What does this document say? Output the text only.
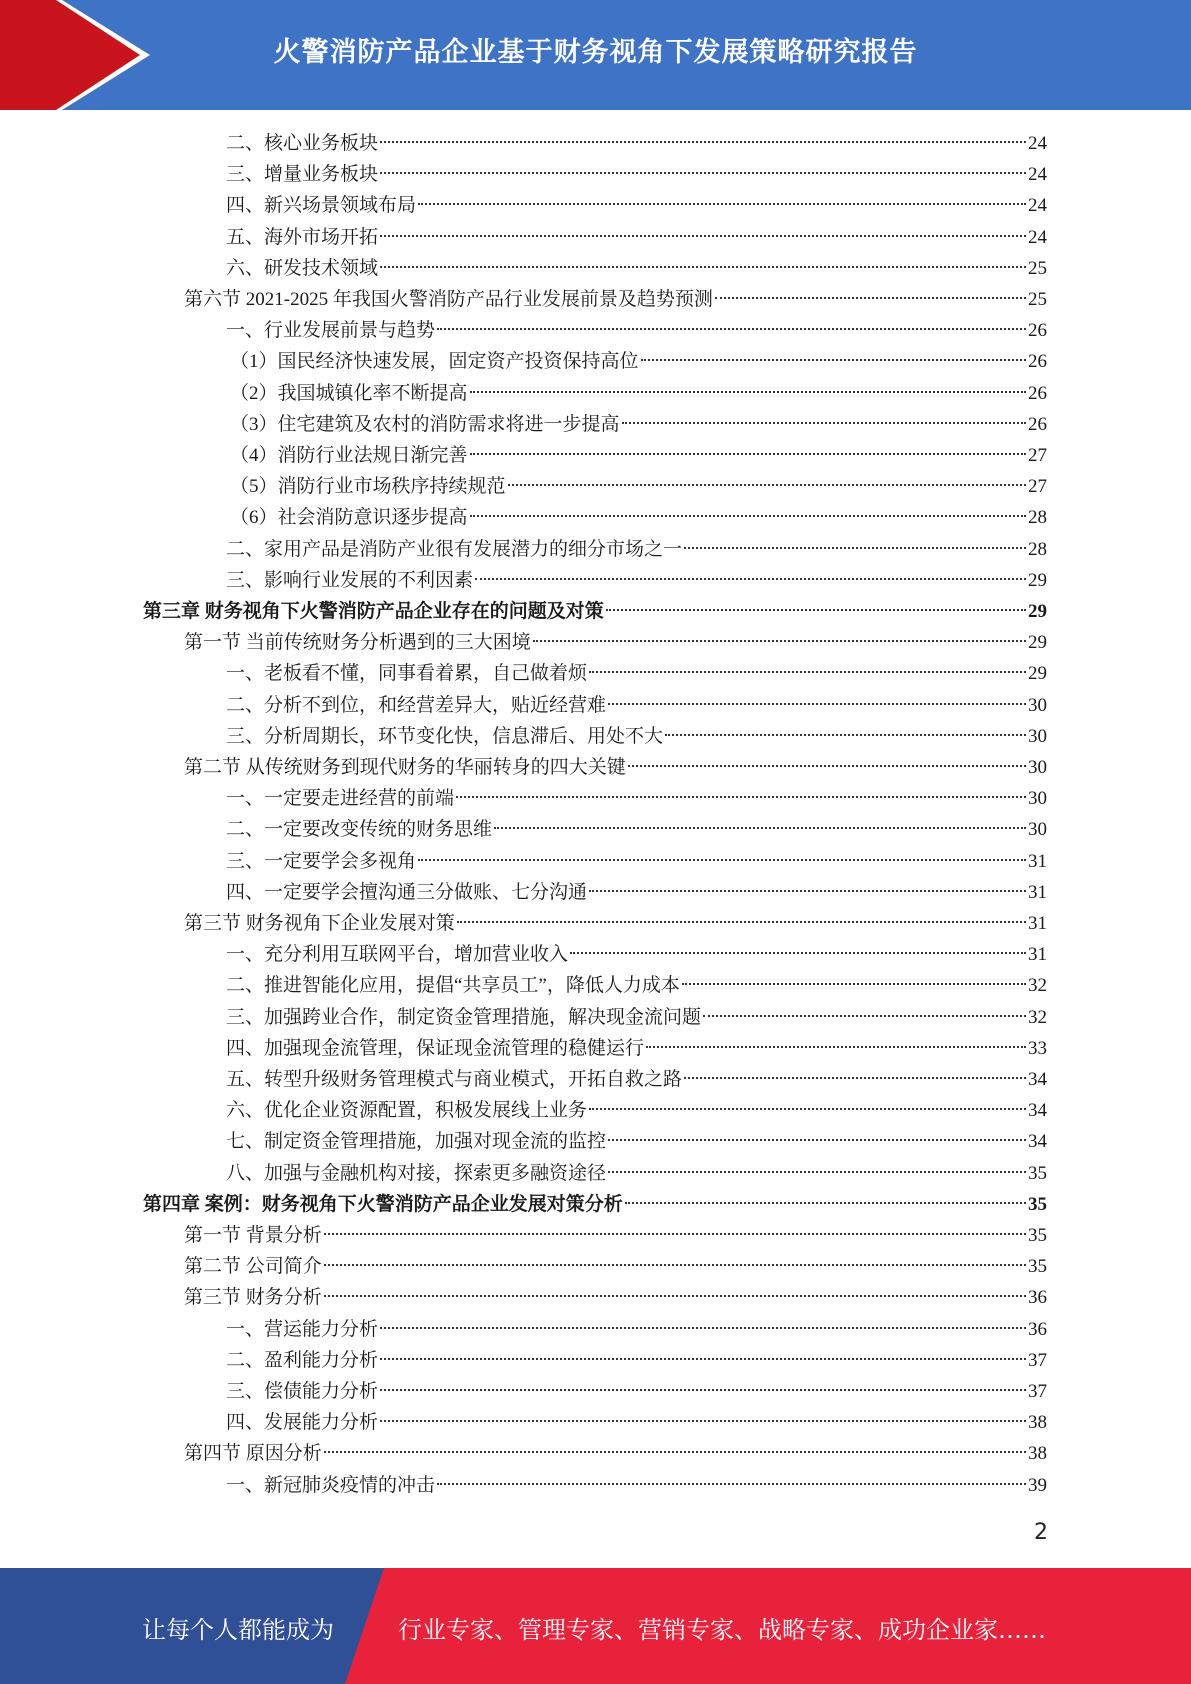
火警消防产品企业基于财务视角下发展策略研究报告
二、核心业务板块	24
三、增量业务板块	24
四、新兴场景领域布局	24
五、海外市场开拓	24
六、研发技术领域	25
第六节 2021-2025 年我国火警消防产品行业发展前景及趋势预测	25
一、行业发展前景与趋势	26
（1）国民经济快速发展，固定资产投资保持高位	26
（2）我国城镇化率不断提高	26
（3）住宅建筑及农村的消防需求将进一步提高	26
（4）消防行业法规日渐完善	27
（5）消防行业市场秩序持续规范	27
（6）社会消防意识逐步提高	28
二、家用产品是消防产业很有发展潜力的细分市场之一	28
三、影响行业发展的不利因素	29
第三章 财务视角下火警消防产品企业存在的问题及对策	29
第一节 当前传统财务分析遇到的三大困境	29
一、老板看不懂，同事看着累，自己做着烦	29
二、分析不到位，和经营差异大，贴近经营难	30
三、分析周期长，环节变化快，信息滞后、用处不大	30
第二节 从传统财务到现代财务的华丽转身的四大关键	30
一、一定要走进经营的前端	30
二、一定要改变传统的财务思维	30
三、一定要学会多视角	31
四、一定要学会擅沟通三分做账、七分沟通	31
第三节 财务视角下企业发展对策	31
一、充分利用互联网平台，增加营业收入	31
二、推进智能化应用，提倡“共享员工”，降低人力成本	32
三、加强跨业合作，制定资金管理措施，解决现金流问题	32
四、加强现金流管理，保证现金流管理的稳健运行	33
五、转型升级财务管理模式与商业模式，开拓自救之路	34
六、优化企业资源配置，积极发展线上业务	34
七、制定资金管理措施，加强对现金流的监控	34
八、加强与金融机构对接，探索更多融资途径	35
第四章 案例：财务视角下火警消防产品企业发展对策分析	35
第一节 背景分析	35
第二节 公司简介	35
第三节 财务分析	36
一、营运能力分析	36
二、盈利能力分析	37
三、偿债能力分析	37
四、发展能力分析	38
第四节 原因分析	38
一、新冠肺炎疫情的冲击	39
2
让每个人都能成为	行业专家、管理专家、营销专家、战略专家、成功企业家……
